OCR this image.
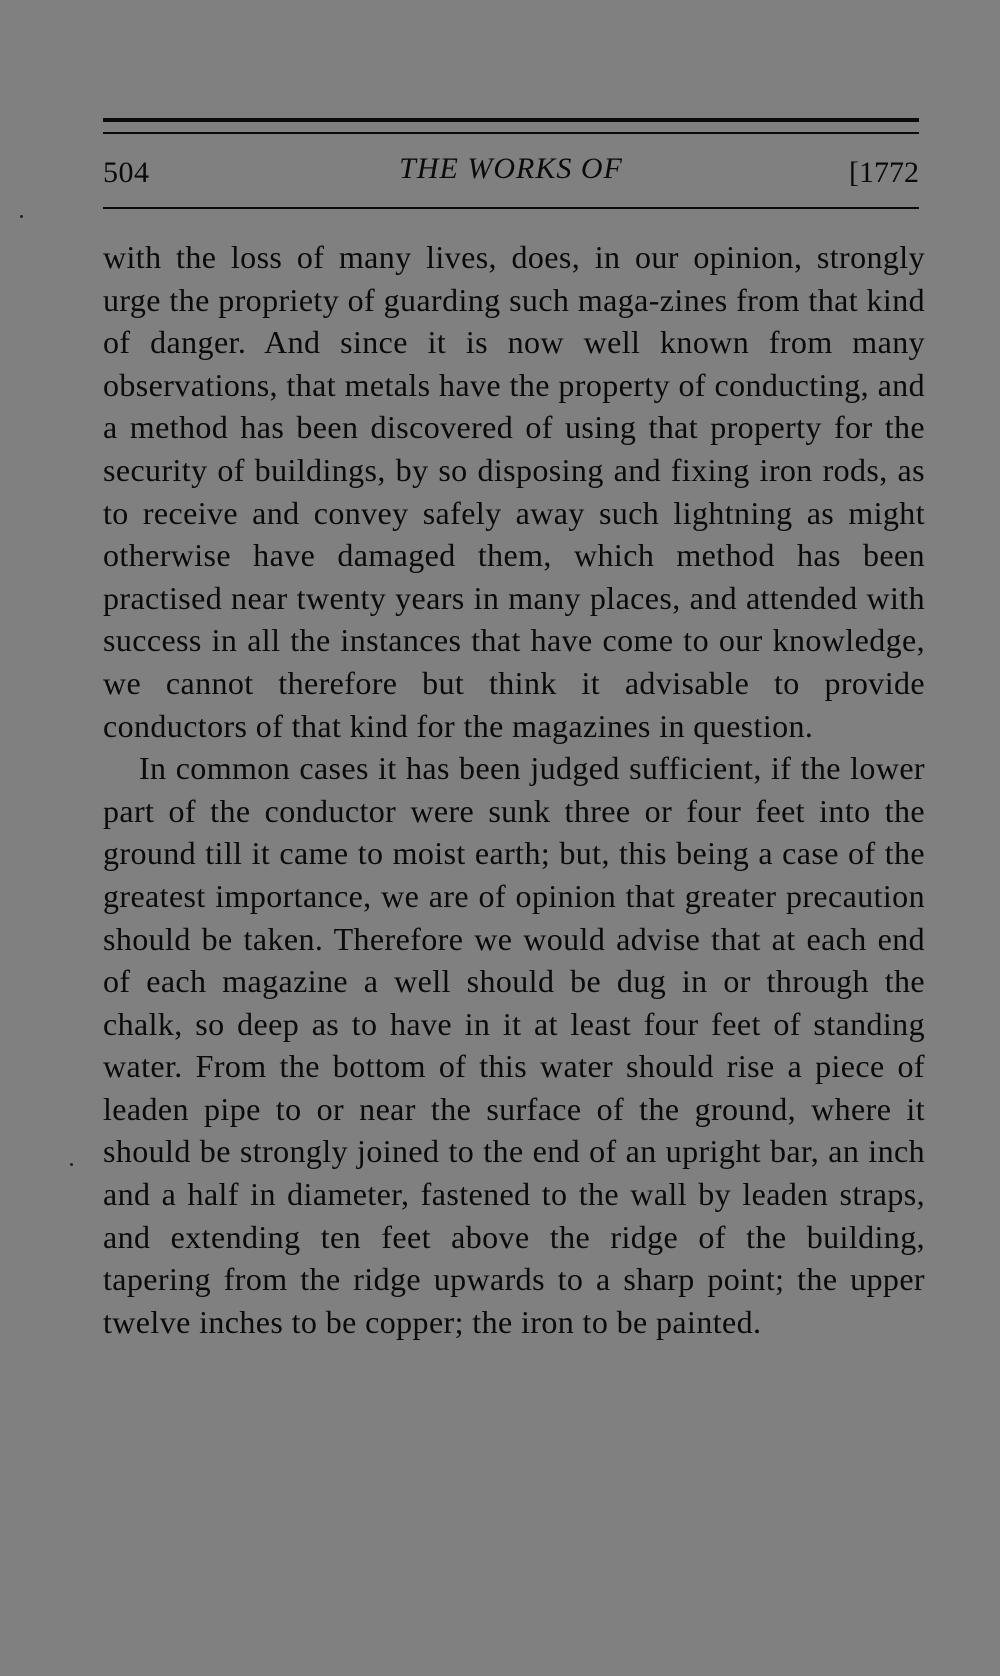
504	THE WORKS OF	[1772

with the loss of many lives, does, in our opinion, strongly urge the propriety of guarding such maga-zines from that kind of danger. And since it is now well known from many observations, that metals have the property of conducting, and a method has been discovered of using that property for the security of buildings, by so disposing and fixing iron rods, as to receive and convey safely away such lightning as might otherwise have damaged them, which method has been practised near twenty years in many places, and attended with success in all the instances that have come to our knowledge, we cannot therefore but think it advisable to provide conductors of that kind for the magazines in question.

In common cases it has been judged sufficient, if the lower part of the conductor were sunk three or four feet into the ground till it came to moist earth; but, this being a case of the greatest importance, we are of opinion that greater precaution should be taken. Therefore we would advise that at each end of each magazine a well should be dug in or through the chalk, so deep as to have in it at least four feet of standing water. From the bottom of this water should rise a piece of leaden pipe to or near the surface of the ground, where it should be strongly joined to the end of an upright bar, an inch and a half in diameter, fastened to the wall by leaden straps, and extending ten feet above the ridge of the building, tapering from the ridge upwards to a sharp point; the upper twelve inches to be copper; the iron to be painted.
